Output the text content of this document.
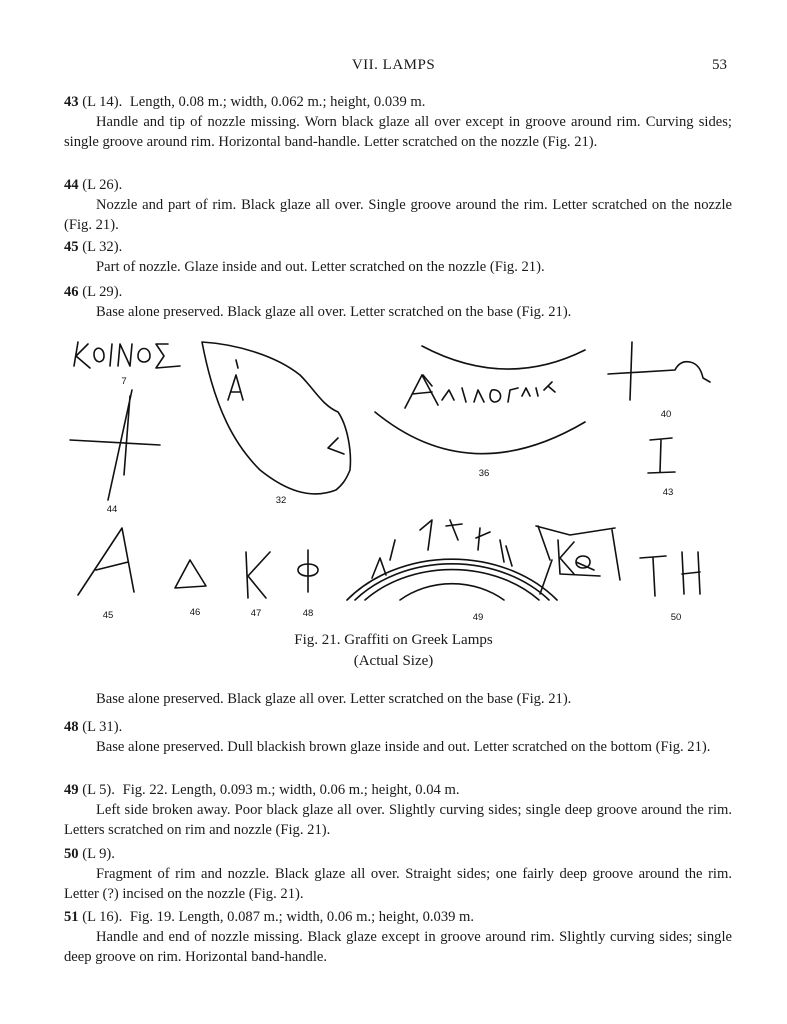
VII. LAMPS	53
43 (L 14). Length, 0.08 m.; width, 0.062 m.; height, 0.039 m.
Handle and tip of nozzle missing. Worn black glaze all over except in groove around rim. Curving sides; single groove around rim. Horizontal band-handle. Letter scratched on the nozzle (Fig. 21).
44 (L 26).
Nozzle and part of rim. Black glaze all over. Single groove around the rim. Letter scratched on the nozzle (Fig. 21).
45 (L 32).
Part of nozzle. Glaze inside and out. Letter scratched on the nozzle (Fig. 21).
46 (L 29).
Base alone preserved. Black glaze all over. Letter scratched on the base (Fig. 21).
7
40
36
32
43
44
45	46	47	48	49	50
Fig. 21. Graffiti on Greek Lamps
(Actual Size)
Base alone preserved. Black glaze all over. Letter scratched on the base (Fig. 21).
48 (L 31).
Base alone preserved. Dull blackish brown glaze inside and out. Letter scratched on the bottom (Fig. 21).
49 (L 5). Fig. 22. Length, 0.093 m.; width, 0.06 m.; height, 0.04 m.
Left side broken away. Poor black glaze all over. Slightly curving sides; single deep groove around the rim. Letters scratched on rim and nozzle (Fig. 21).
50 (L 9).
Fragment of rim and nozzle. Black glaze all over. Straight sides; one fairly deep groove around the rim. Letter (?) incised on the nozzle (Fig. 21).
51 (L 16). Fig. 19. Length, 0.087 m.; width, 0.06 m.; height, 0.039 m.
Handle and end of nozzle missing. Black glaze except in groove around rim. Slightly curving sides; single deep groove on rim. Horizontal band-handle.
